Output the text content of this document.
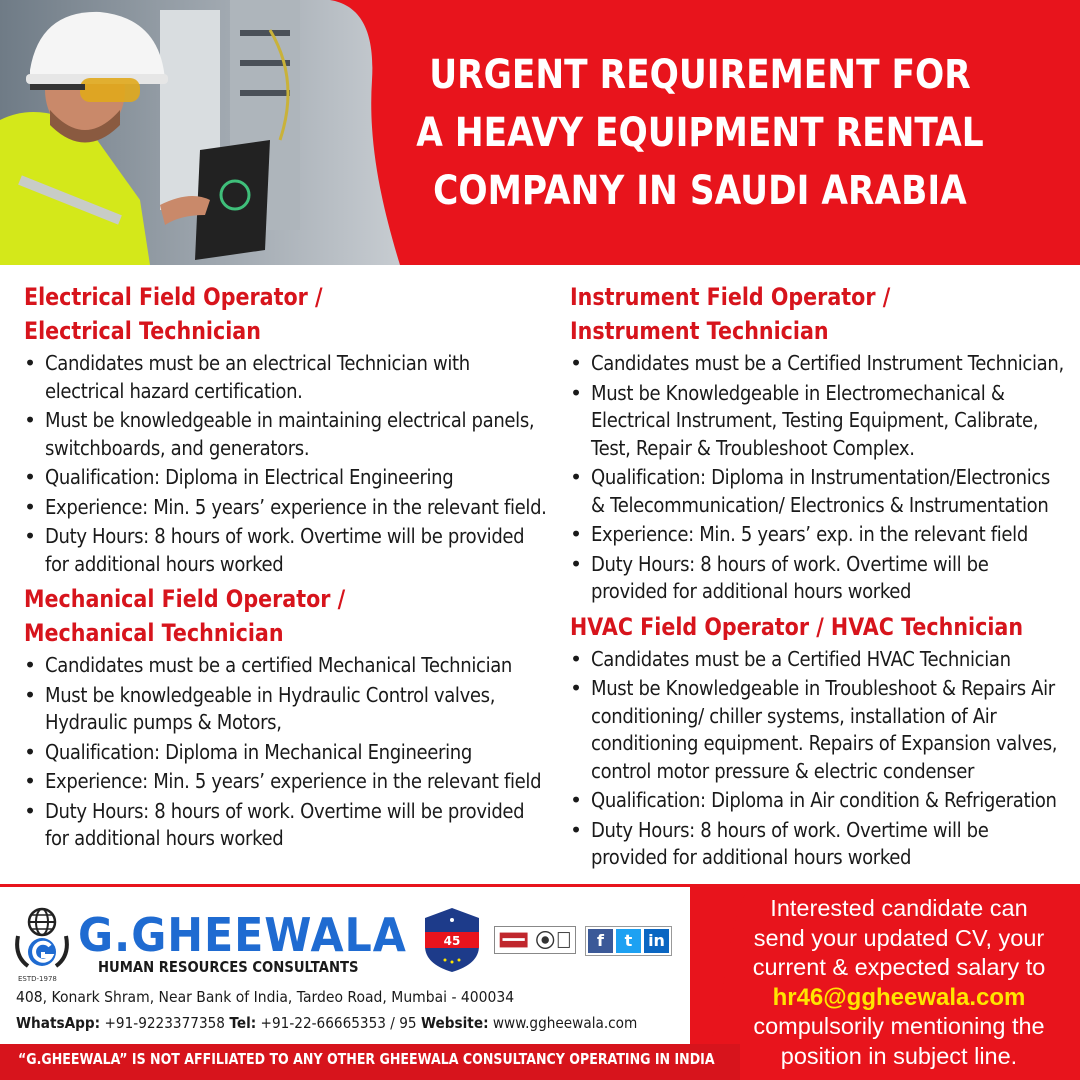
URGENT REQUIREMENT FOR
A HEAVY EQUIPMENT RENTAL
COMPANY IN SAUDI ARABIA
Electrical Field Operator /
Electrical Technician
• Candidates must be an electrical Technician with electrical hazard certification.
• Must be knowledgeable in maintaining electrical panels, switchboards, and generators.
• Qualification: Diploma in Electrical Engineering
• Experience: Min. 5 years’ experience in the relevant field.
• Duty Hours: 8 hours of work. Overtime will be provided for additional hours worked
Mechanical Field Operator /
Mechanical Technician
• Candidates must be a certified Mechanical Technician
• Must be knowledgeable in Hydraulic Control valves, Hydraulic pumps & Motors,
• Qualification: Diploma in Mechanical Engineering
• Experience: Min. 5 years’ experience in the relevant field
• Duty Hours: 8 hours of work. Overtime will be provided for additional hours worked
Instrument Field Operator /
Instrument Technician
• Candidates must be a Certified Instrument Technician,
• Must be Knowledgeable in Electromechanical & Electrical Instrument, Testing Equipment, Calibrate, Test, Repair & Troubleshoot Complex.
• Qualification: Diploma in Instrumentation/Electronics & Telecommunication/ Electronics & Instrumentation
• Experience: Min. 5 years’ exp. in the relevant field
• Duty Hours: 8 hours of work. Overtime will be provided for additional hours worked
HVAC Field Operator / HVAC Technician
• Candidates must be a Certified HVAC Technician
• Must be Knowledgeable in Troubleshoot & Repairs Air conditioning/ chiller systems, installation of Air conditioning equipment. Repairs of Expansion valves, control motor pressure & electric condenser
• Qualification: Diploma in Air condition & Refrigeration
• Duty Hours: 8 hours of work. Overtime will be provided for additional hours worked
G.GHEEWALA
HUMAN RESOURCES CONSULTANTS
ESTD-1978
45	f	t in
408, Konark Shram, Near Bank of India, Tardeo Road, Mumbai - 400034
WhatsApp: +91-9223377358 Tel: +91-22-66665353 / 95 Website: www.ggheewala.com
“G.GHEEWALA” IS NOT AFFILIATED TO ANY OTHER GHEEWALA CONSULTANCY OPERATING IN INDIA
Interested candidate can
send your updated CV, your
current & expected salary to
hr46@ggheewala.com
compulsorily mentioning the
position in subject line.
